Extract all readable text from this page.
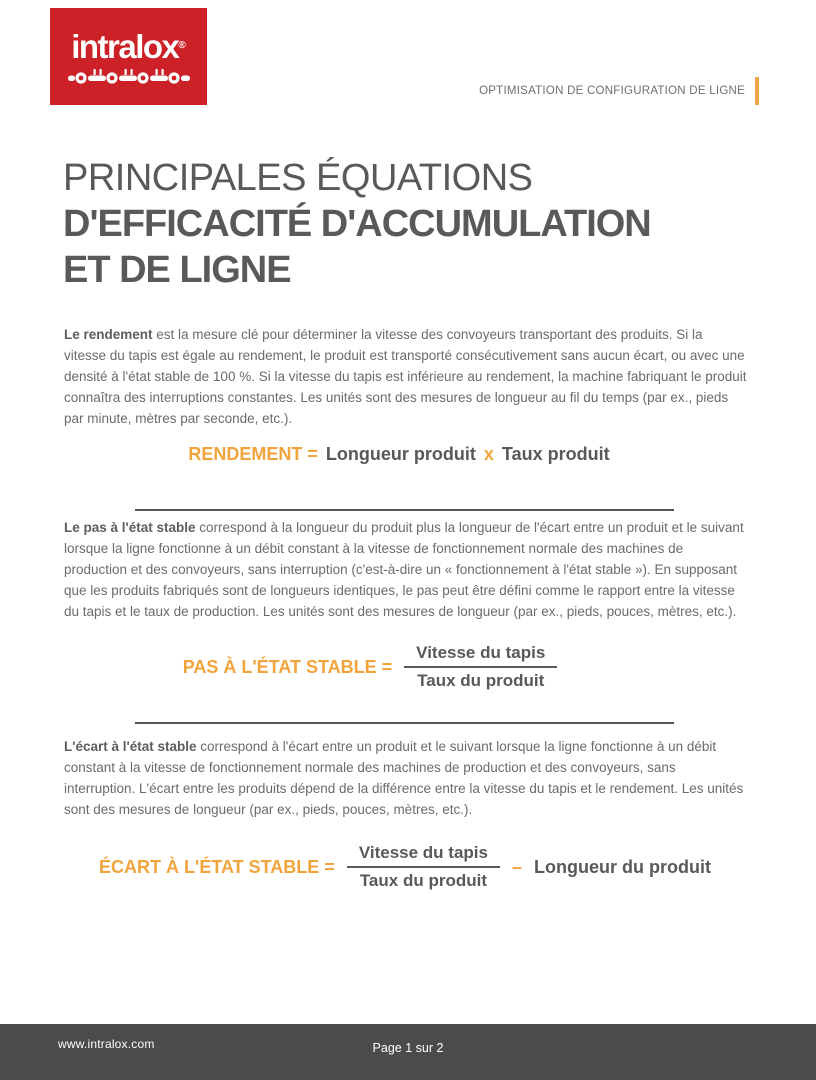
intralox®
OPTIMISATION DE CONFIGURATION DE LIGNE
PRINCIPALES ÉQUATIONS
D'EFFICACITÉ D'ACCUMULATION
ET DE LIGNE

Le rendement est la mesure clé pour déterminer la vitesse des convoyeurs transportant des produits. Si la vitesse du tapis est égale au rendement, le produit est transporté consécutivement sans aucun écart, ou avec une densité à l'état stable de 100 %. Si la vitesse du tapis est inférieure au rendement, la machine fabriquant le produit connaîtra des interruptions constantes. Les unités sont des mesures de longueur au fil du temps (par ex., pieds par minute, mètres par seconde, etc.).

RENDEMENT = Longueur produit x Taux produit

Le pas à l'état stable correspond à la longueur du produit plus la longueur de l'écart entre un produit et le suivant lorsque la ligne fonctionne à un débit constant à la vitesse de fonctionnement normale des machines de production et des convoyeurs, sans interruption (c'est-à-dire un « fonctionnement à l'état stable »). En supposant que les produits fabriqués sont de longueurs identiques, le pas peut être défini comme le rapport entre la vitesse du tapis et le taux de production. Les unités sont des mesures de longueur (par ex., pieds, pouces, mètres, etc.).

PAS À L'ÉTAT STABLE = $\frac{\text{Vitesse du tapis}}{\text{Taux du produit}}$

L'écart à l'état stable correspond à l'écart entre un produit et le suivant lorsque la ligne fonctionne à un débit constant à la vitesse de fonctionnement normale des machines de production et des convoyeurs, sans interruption. L'écart entre les produits dépend de la différence entre la vitesse du tapis et le rendement. Les unités sont des mesures de longueur (par ex., pieds, pouces, mètres, etc.).

ÉCART À L'ÉTAT STABLE = $\frac{\text{Vitesse du tapis}}{\text{Taux du produit}}$ – Longueur du produit
www.intralox.com	Page 1 sur 2
